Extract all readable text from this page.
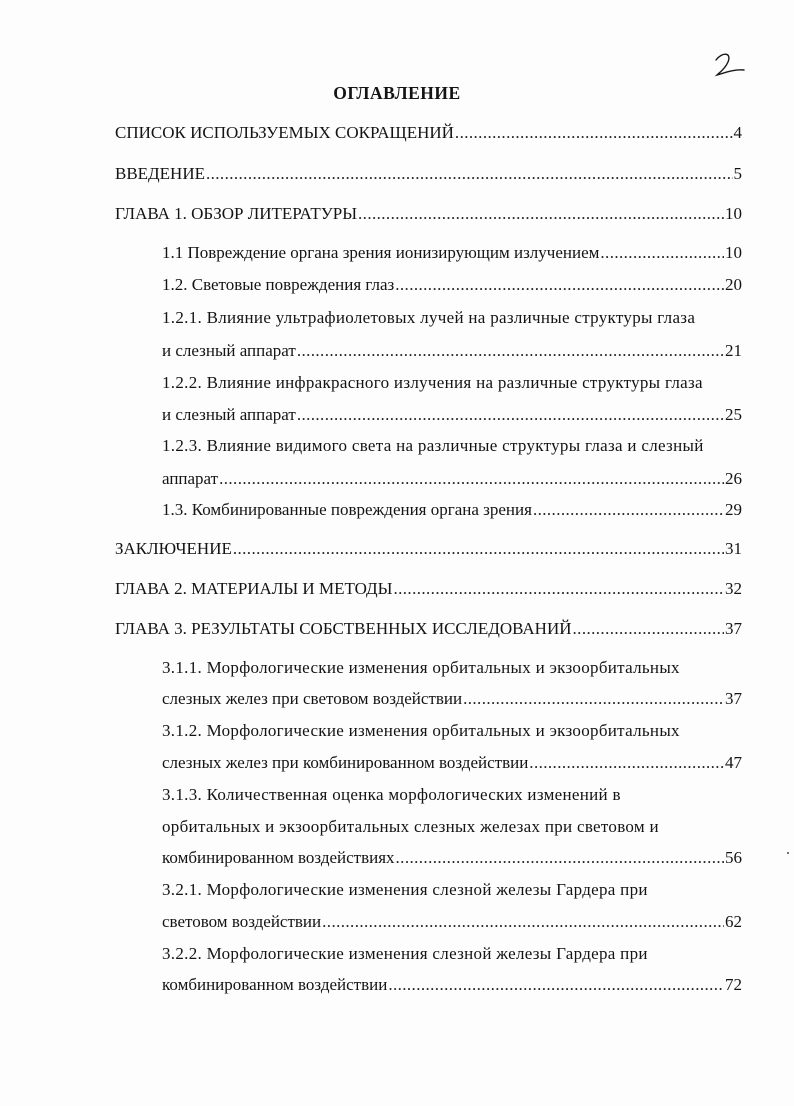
ОГЛАВЛЕНИЕ
СПИСОК ИСПОЛЬЗУЕМЫХ СОКРАЩЕНИЙ .....	4
ВВЕДЕНИЕ .....	5
ГЛАВА 1. ОБЗОР ЛИТЕРАТУРЫ .....	10
1.1 Повреждение органа зрения ионизирующим излучением .....	10
1.2. Световые повреждения глаз .....	20
1.2.1. Влияние ультрафиолетовых лучей на различные структуры глаза
и слезный аппарат .....	21
1.2.2. Влияние инфракрасного излучения на различные структуры глаза
и слезный аппарат .....	25
1.2.3. Влияние видимого света на различные структуры глаза и слезный
аппарат .....	26
1.3. Комбинированные повреждения органа зрения .....	29
ЗАКЛЮЧЕНИЕ .....	31
ГЛАВА 2. МАТЕРИАЛЫ И МЕТОДЫ .....	32
ГЛАВА 3. РЕЗУЛЬТАТЫ СОБСТВЕННЫХ ИССЛЕДОВАНИЙ .....	37
3.1.1. Морфологические изменения орбитальных и экзоорбитальных
слезных желез при световом воздействии .....	37
3.1.2. Морфологические изменения орбитальных и экзоорбитальных
слезных желез при комбинированном воздействии .....	47
3.1.3. Количественная оценка морфологических изменений в
орбитальных и экзоорбитальных слезных железах при световом и
комбинированном воздействиях .....	56
3.2.1. Морфологические изменения слезной железы Гардера при
световом воздействии .....	62
3.2.2. Морфологические изменения слезной железы Гардера при
комбинированном воздействии .....	72
